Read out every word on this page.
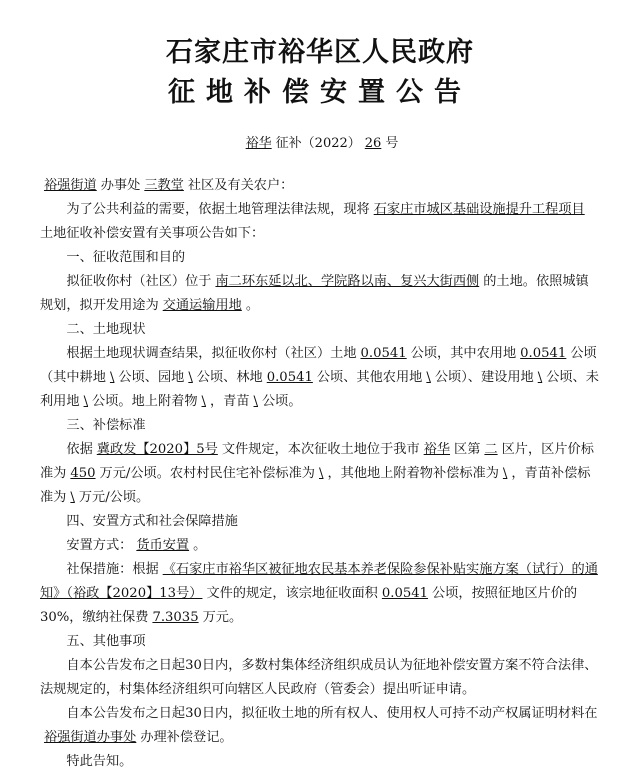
石家庄市裕华区人民政府
征地补偿安置公告
裕华 征补（2022） 26 号

裕强街道 办事处 三教堂 社区及有关农户：

为了公共利益的需要，依据土地管理法律法规，现将 石家庄市城区基础设施提升工程项目土地征收补偿安置有关事项公告如下：

一、征收范围和目的

拟征收你村（社区）位于 南二环东延以北、学院路以南、复兴大街西侧 的土地。依照城镇规划，拟开发用途为 交通运输用地 。

二、土地现状

根据土地现状调查结果，拟征收你村（社区）土地 0.0541 公顷，其中农用地 0.0541 公顷（其中耕地 \ 公顷、园地 \ 公顷、林地 0.0541 公顷、其他农用地 \ 公顷）、建设用地 \ 公顷、未利用地 \ 公顷。地上附着物 \ ，青苗 \ 公顷。

三、补偿标准

依据 冀政发【2020】5号 文件规定，本次征收土地位于我市 裕华 区第 二 区片，区片价标准为 450 万元/公顷。农村村民住宅补偿标准为 \ ，其他地上附着物补偿标准为 \ ，青苗补偿标准为 \ 万元/公顷。

四、安置方式和社会保障措施

安置方式： 货币安置 。

社保措施：根据 《石家庄市裕华区被征地农民基本养老保险参保补贴实施方案（试行）的通知》（裕政【2020】13号） 文件的规定，该宗地征收面积 0.0541 公顷，按照征地区片价的30%，缴纳社保费 7.3035 万元。

五、其他事项

自本公告发布之日起30日内，多数村集体经济组织成员认为征地补偿安置方案不符合法律、法规规定的，村集体经济组织可向辖区人民政府（管委会）提出听证申请。

自本公告发布之日起30日内，拟征收土地的所有权人、使用权人可持不动产权属证明材料在裕强街道办事处 办理补偿登记。

特此告知。
